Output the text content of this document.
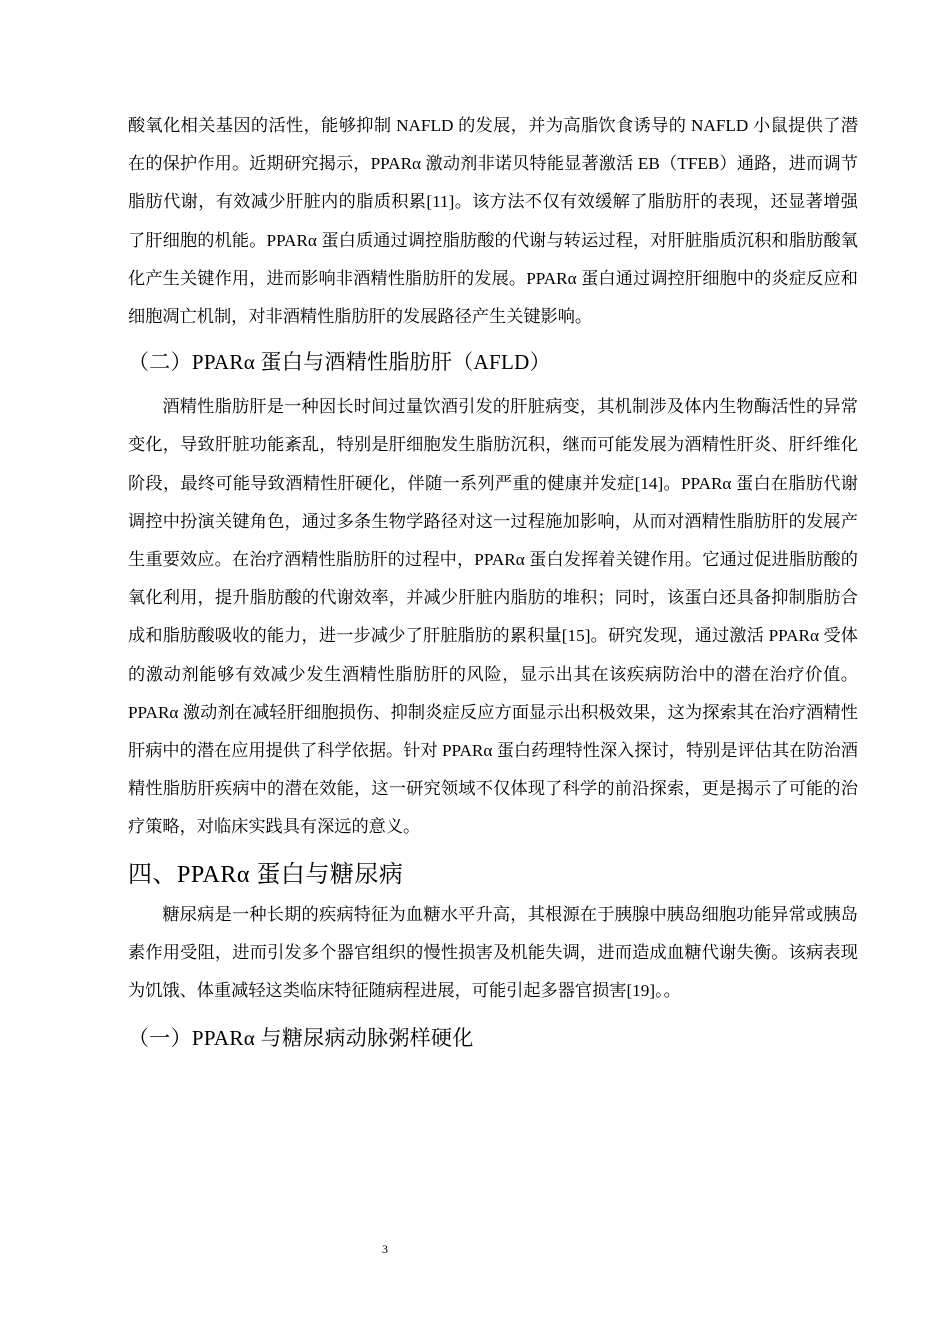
酸氧化相关基因的活性，能够抑制 NAFLD 的发展，并为高脂饮食诱导的 NAFLD 小鼠提供了潜在的保护作用。近期研究揭示，PPARα 激动剂非诺贝特能显著激活 EB（TFEB）通路，进而调节脂肪代谢，有效减少肝脏内的脂质积累[11]。该方法不仅有效缓解了脂肪肝的表现，还显著增强了肝细胞的机能。PPARα 蛋白质通过调控脂肪酸的代谢与转运过程，对肝脏脂质沉积和脂肪酸氧化产生关键作用，进而影响非酒精性脂肪肝的发展。PPARα 蛋白通过调控肝细胞中的炎症反应和细胞凋亡机制，对非酒精性脂肪肝的发展路径产生关键影响。

（二）PPARα 蛋白与酒精性脂肪肝（AFLD）

酒精性脂肪肝是一种因长时间过量饮酒引发的肝脏病变，其机制涉及体内生物酶活性的异常变化，导致肝脏功能紊乱，特别是肝细胞发生脂肪沉积，继而可能发展为酒精性肝炎、肝纤维化阶段，最终可能导致酒精性肝硬化，伴随一系列严重的健康并发症[14]。PPARα 蛋白在脂肪代谢调控中扮演关键角色，通过多条生物学路径对这一过程施加影响，从而对酒精性脂肪肝的发展产生重要效应。在治疗酒精性脂肪肝的过程中，PPARα 蛋白发挥着关键作用。它通过促进脂肪酸的氧化利用，提升脂肪酸的代谢效率，并减少肝脏内脂肪的堆积；同时，该蛋白还具备抑制脂肪合成和脂肪酸吸收的能力，进一步减少了肝脏脂肪的累积量[15]。研究发现，通过激活 PPARα 受体的激动剂能够有效减少发生酒精性脂肪肝的风险，显示出其在该疾病防治中的潜在治疗价值。PPARα 激动剂在减轻肝细胞损伤、抑制炎症反应方面显示出积极效果，这为探索其在治疗酒精性肝病中的潜在应用提供了科学依据。针对 PPARα 蛋白药理特性深入探讨，特别是评估其在防治酒精性脂肪肝疾病中的潜在效能，这一研究领域不仅体现了科学的前沿探索，更是揭示了可能的治疗策略，对临床实践具有深远的意义。

四、PPARα 蛋白与糖尿病

糖尿病是一种长期的疾病特征为血糖水平升高，其根源在于胰腺中胰岛细胞功能异常或胰岛素作用受阻，进而引发多个器官组织的慢性损害及机能失调，进而造成血糖代谢失衡。该病表现为饥饿、体重减轻这类临床特征随病程进展，可能引起多器官损害[19]。。

（一）PPARα 与糖尿病动脉粥样硬化
3
